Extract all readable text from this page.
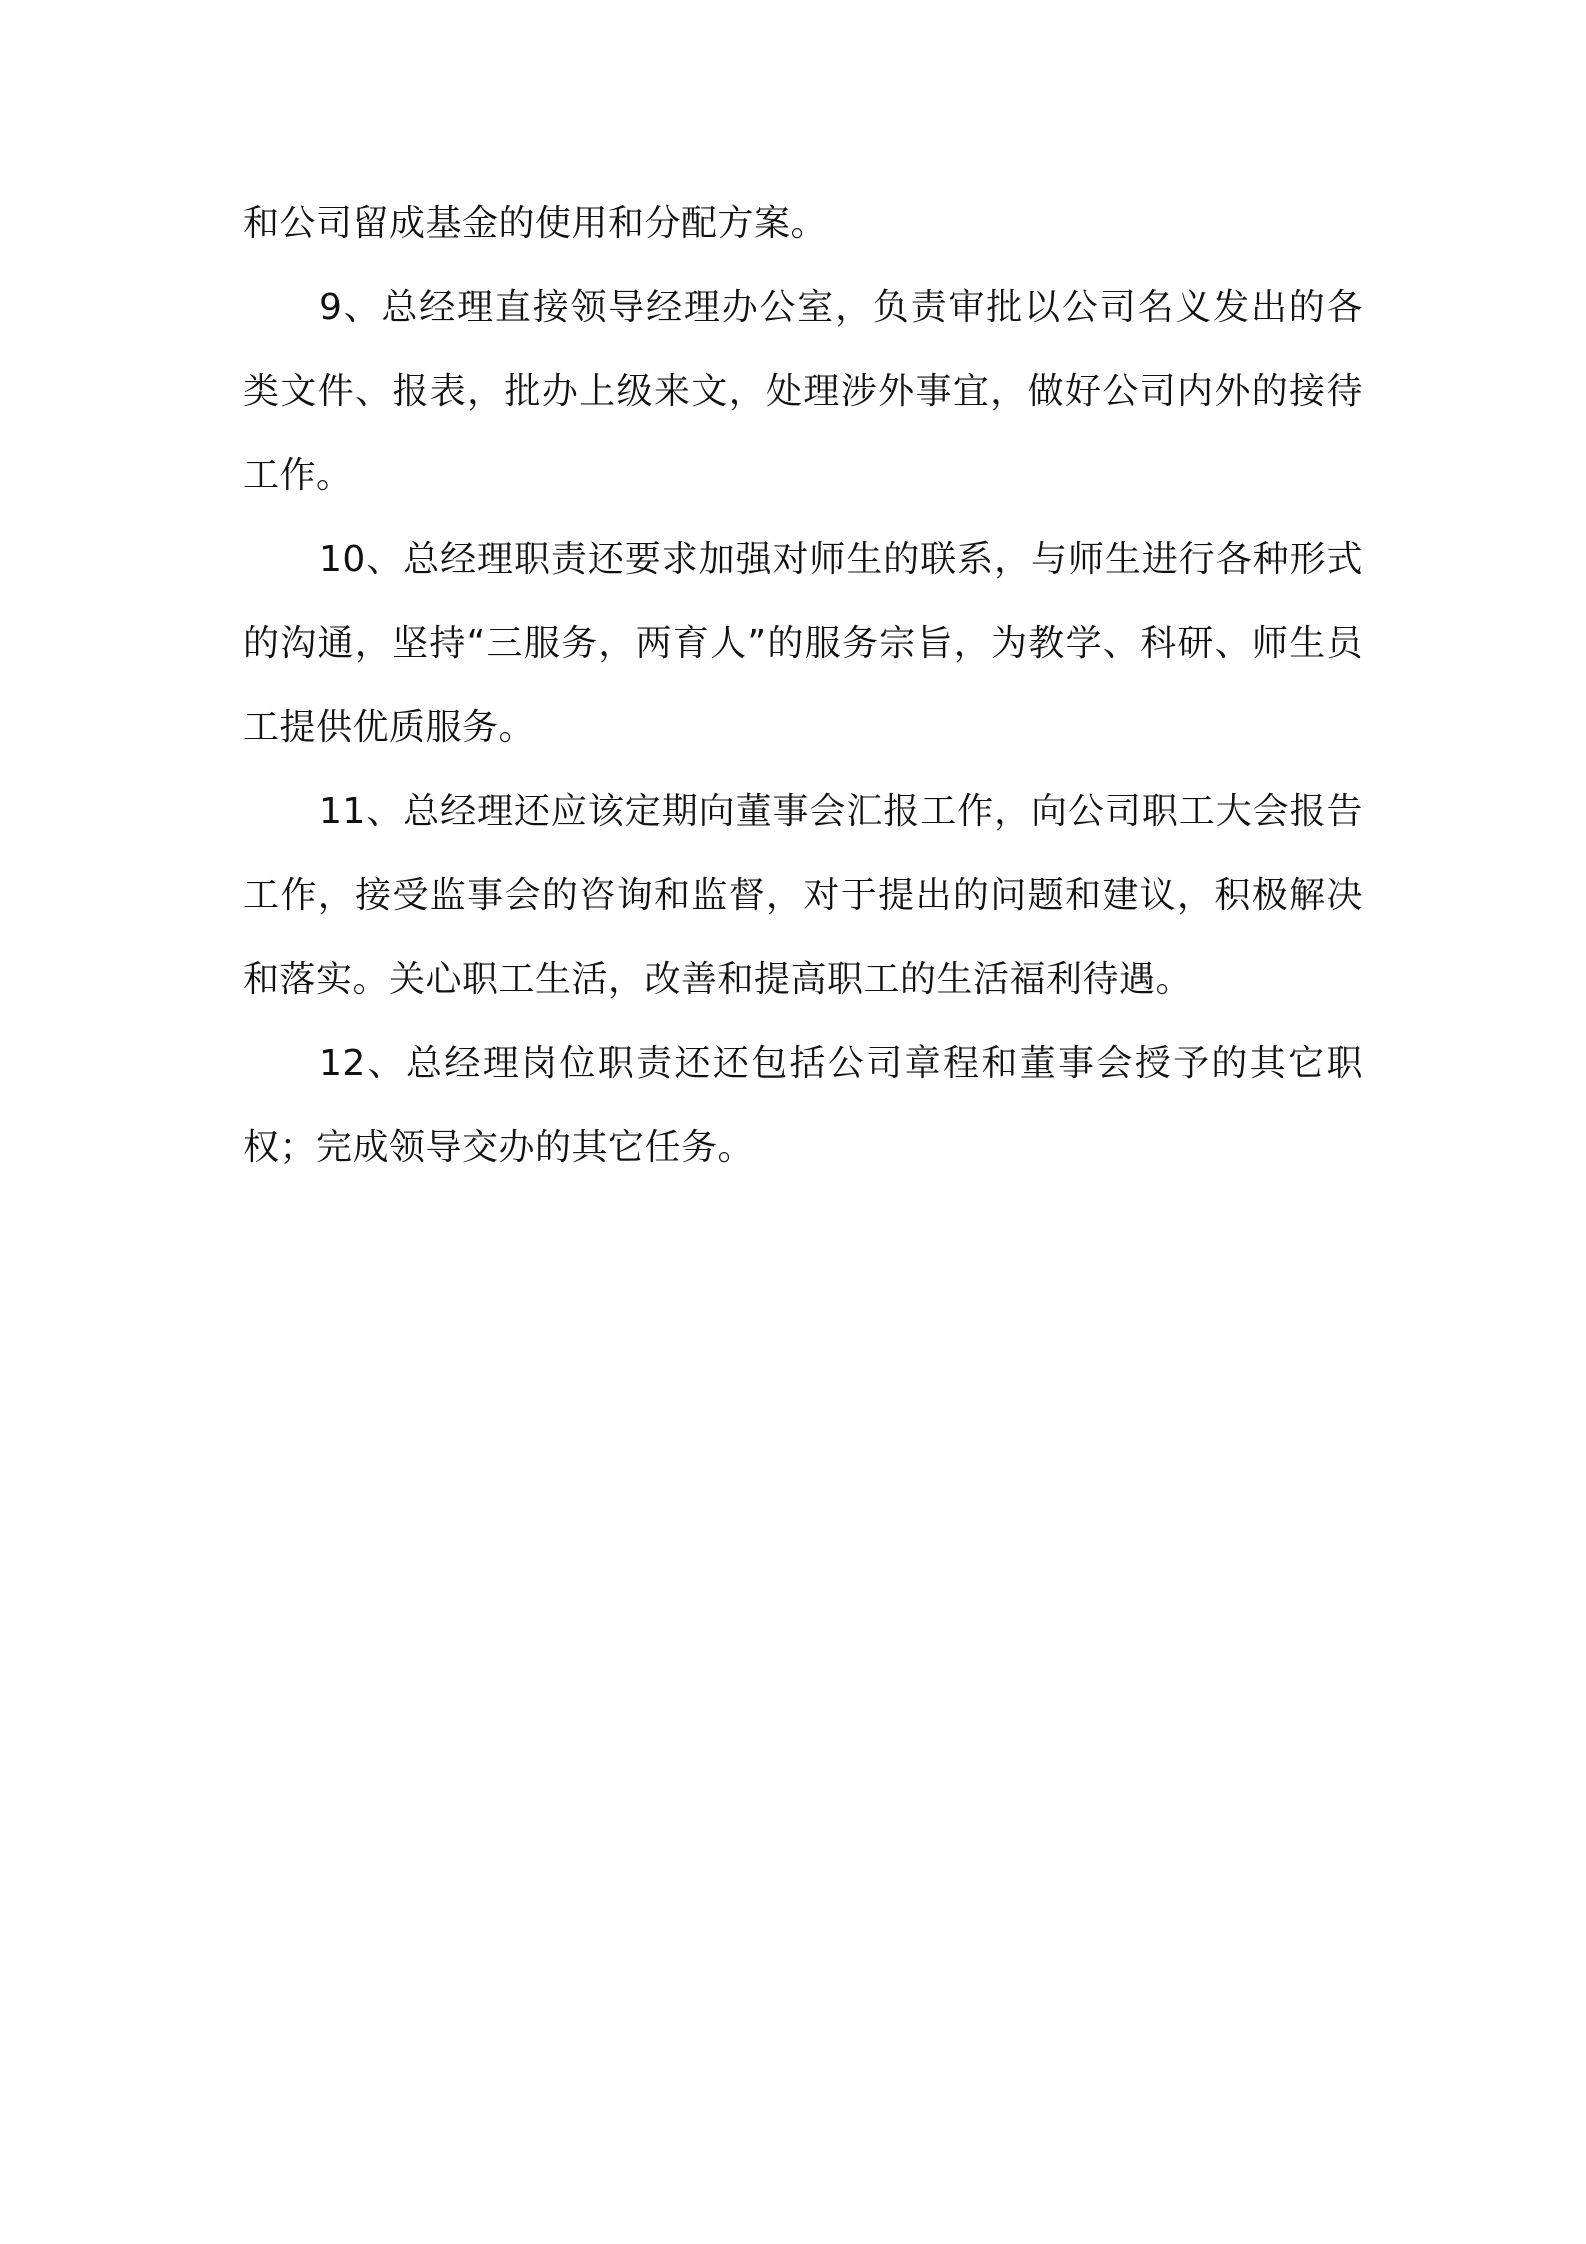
和公司留成基金的使用和分配方案。

9、总经理直接领导经理办公室，负责审批以公司名义发出的各类文件、报表，批办上级来文，处理涉外事宜，做好公司内外的接待工作。

10、总经理职责还要求加强对师生的联系，与师生进行各种形式的沟通，坚持“三服务，两育人”的服务宗旨，为教学、科研、师生员工提供优质服务。

11、总经理还应该定期向董事会汇报工作，向公司职工大会报告工作，接受监事会的咨询和监督，对于提出的问题和建议，积极解决和落实。关心职工生活，改善和提高职工的生活福利待遇。

12、总经理岗位职责还还包括公司章程和董事会授予的其它职权；完成领导交办的其它任务。
